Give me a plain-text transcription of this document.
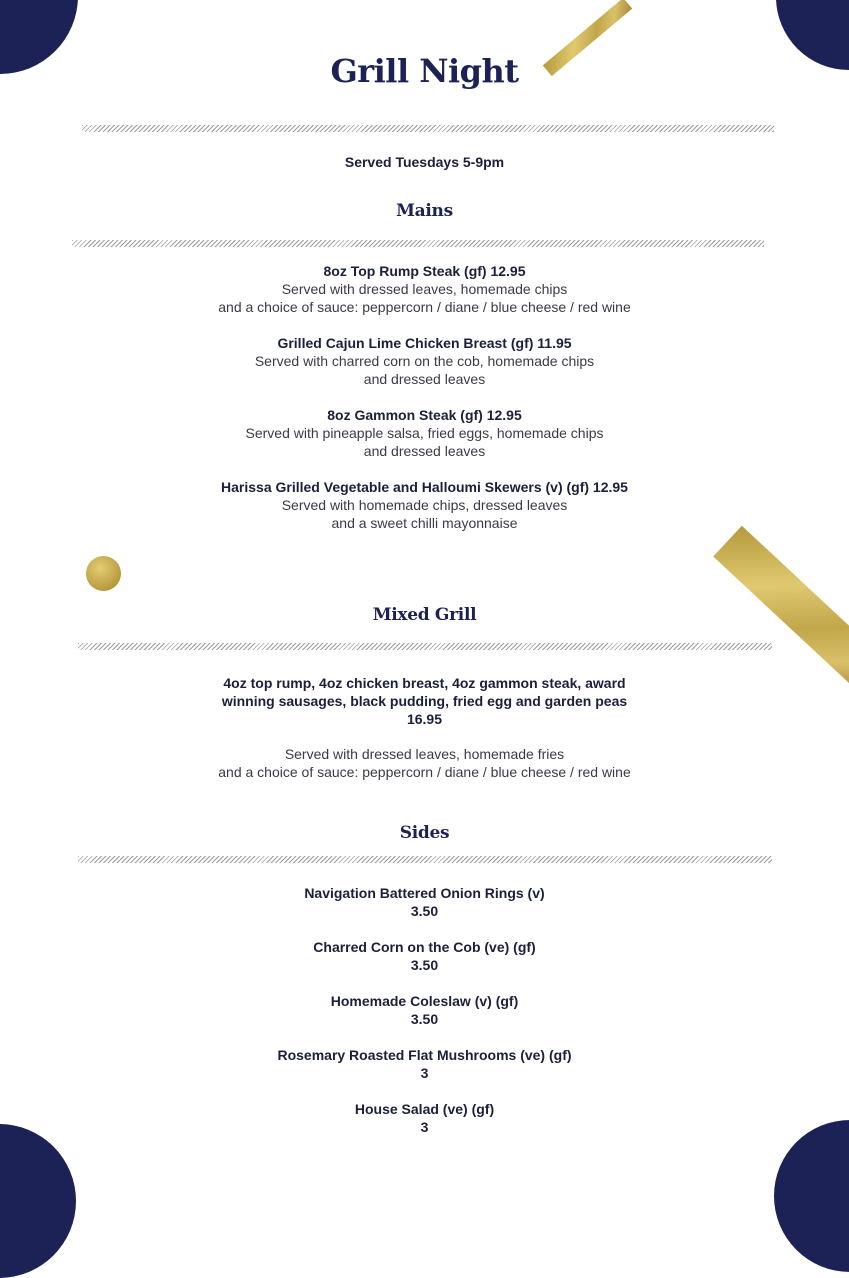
Grill Night
Served Tuesdays 5-9pm
Mains
8oz Top Rump Steak (gf) 12.95
Served with dressed leaves, homemade chips
and a choice of sauce: peppercorn / diane / blue cheese / red wine
Grilled Cajun Lime Chicken Breast (gf) 11.95
Served with charred corn on the cob, homemade chips
and dressed leaves
8oz Gammon Steak (gf) 12.95
Served with pineapple salsa, fried eggs, homemade chips
and dressed leaves
Harissa Grilled Vegetable and Halloumi Skewers (v) (gf) 12.95
Served with homemade chips, dressed leaves
and a sweet chilli mayonnaise
Mixed Grill
4oz top rump, 4oz chicken breast, 4oz gammon steak, award winning sausages, black pudding, fried egg and garden peas
16.95
Served with dressed leaves, homemade fries
and a choice of sauce: peppercorn / diane / blue cheese / red wine
Sides
Navigation Battered Onion Rings (v)
3.50
Charred Corn on the Cob (ve) (gf)
3.50
Homemade Coleslaw (v) (gf)
3.50
Rosemary Roasted Flat Mushrooms (ve) (gf)
3
House Salad (ve) (gf)
3
